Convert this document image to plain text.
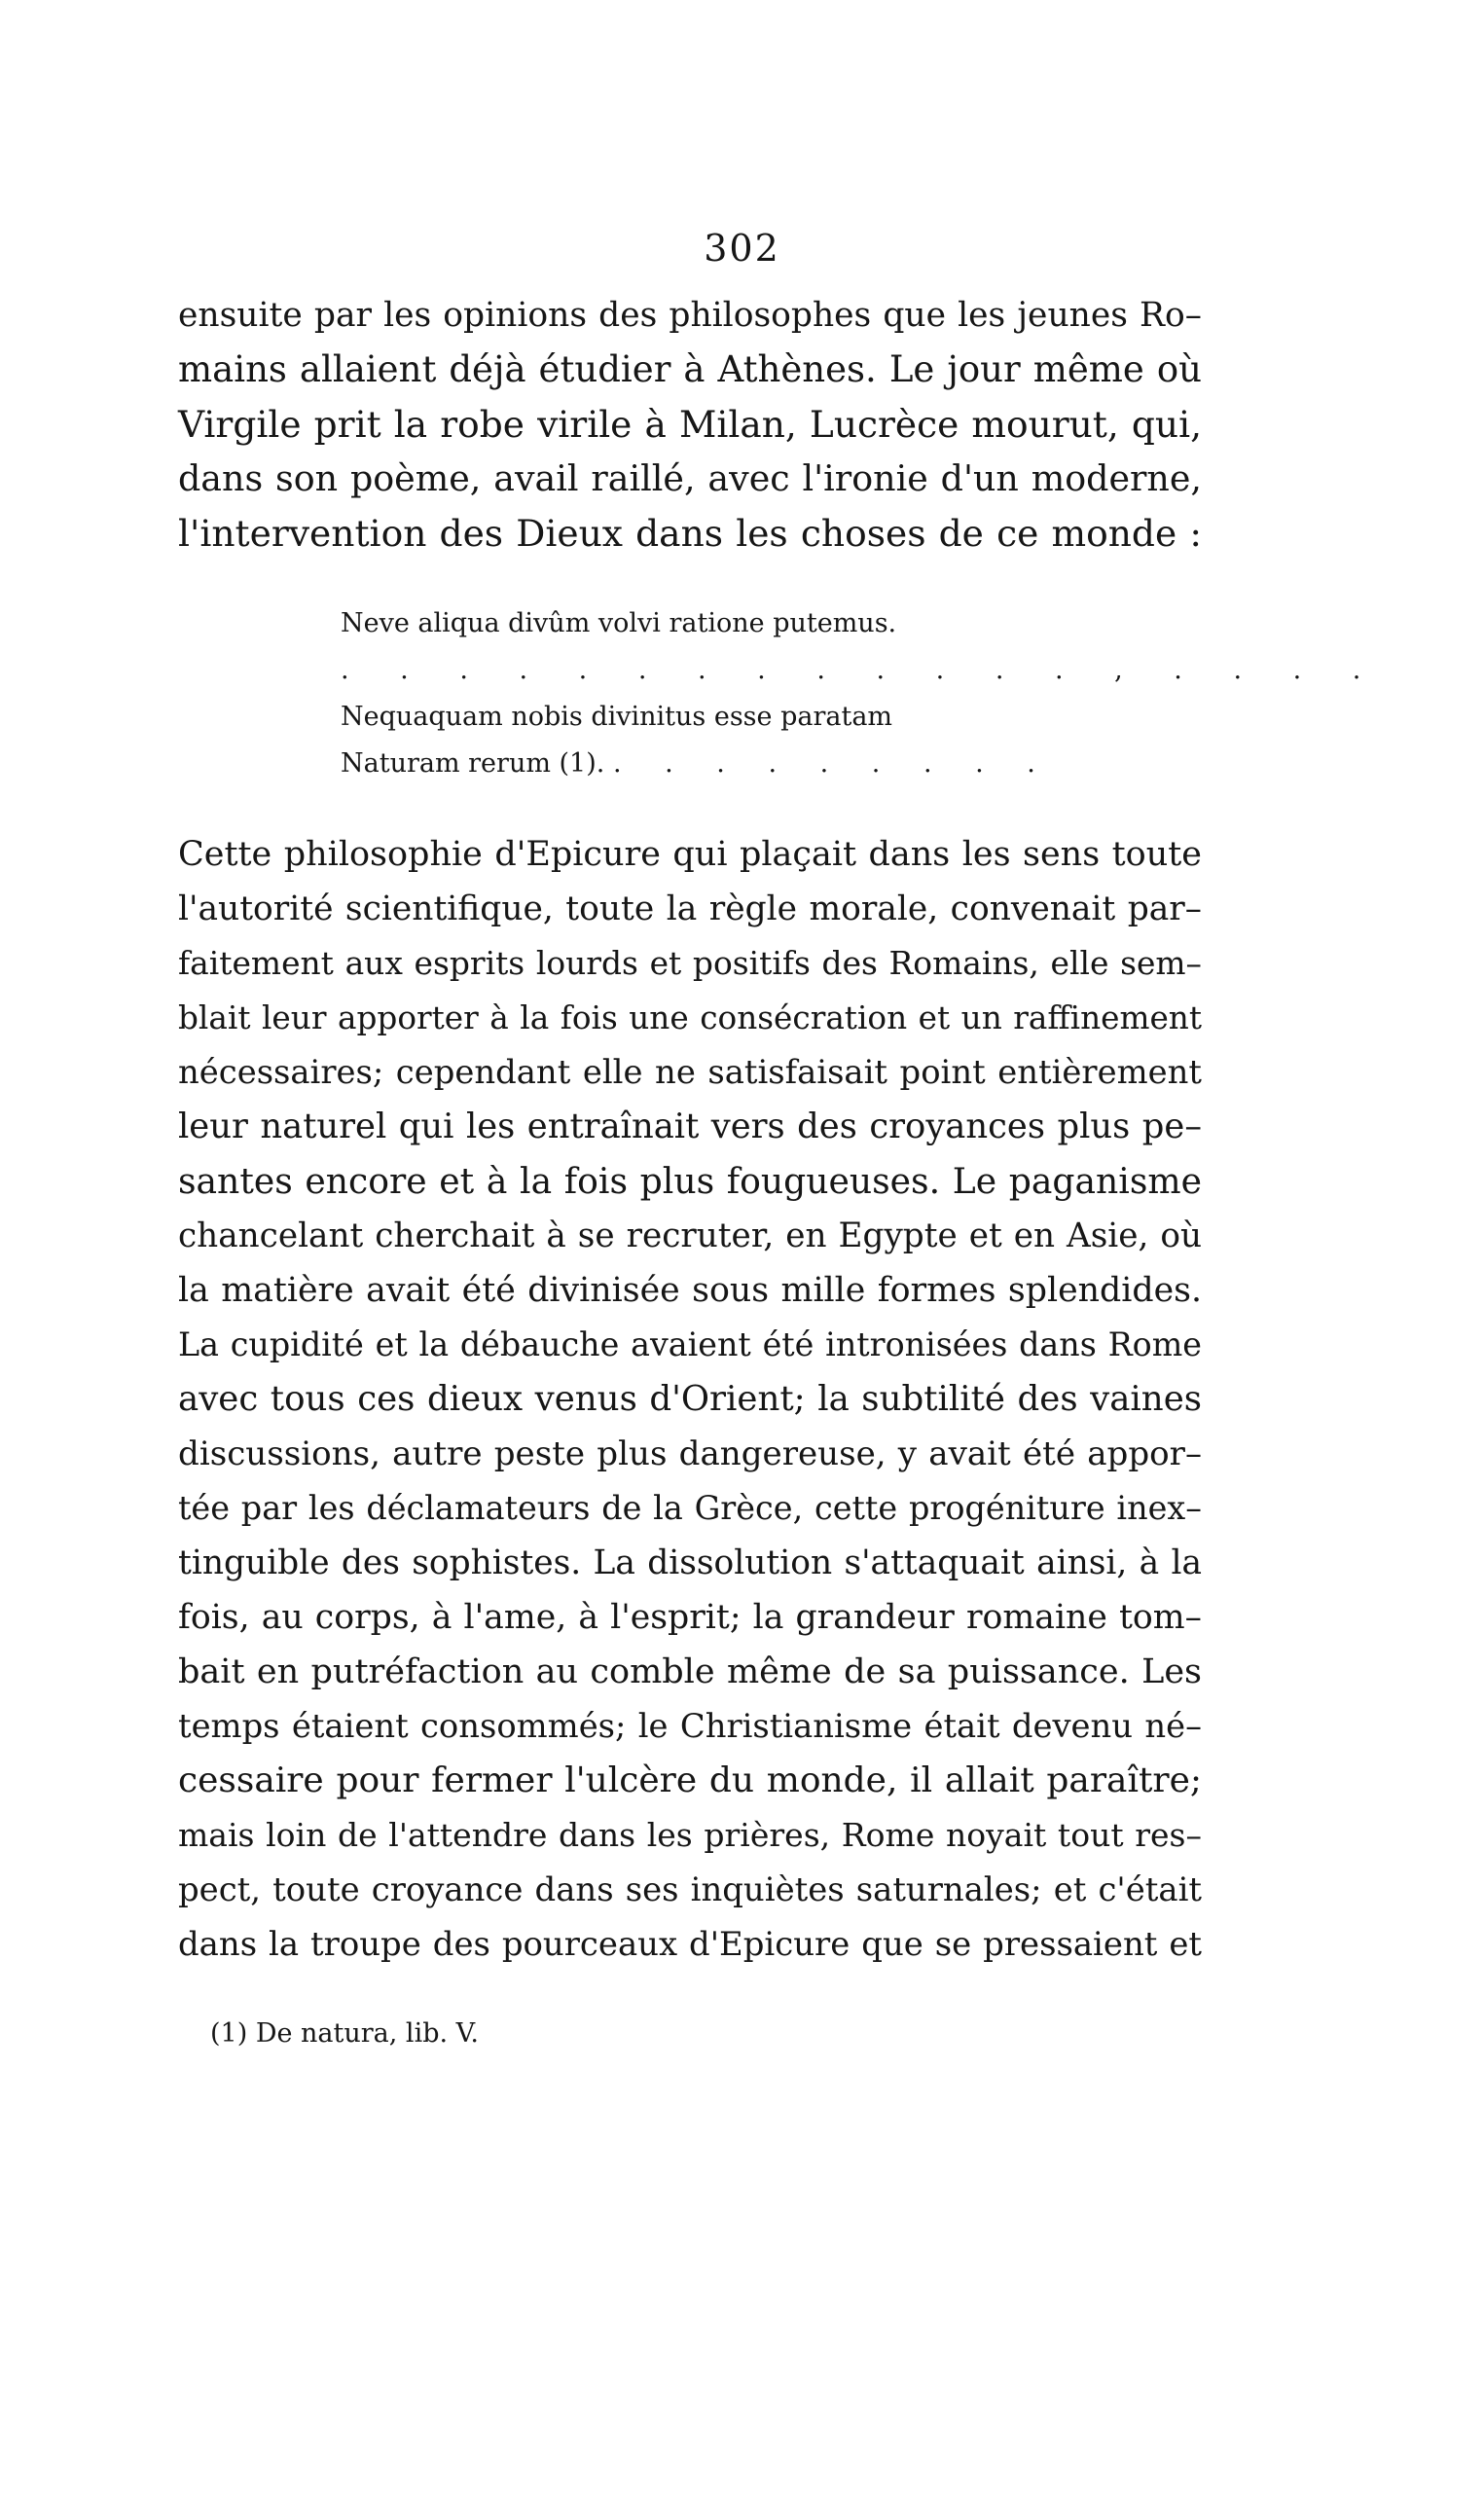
302
ensuite par les opinions des philosophes que les jeunes Ro–
mains allaient déjà étudier à Athènes. Le jour même où
Virgile prit la robe virile à Milan, Lucrèce mourut, qui,
dans son poème, avail raillé, avec l'ironie d'un moderne,
l'intervention des Dieux dans les choses de ce monde :
Neve aliqua divûm volvi ratione putemus.
. . . . . . . . . . . . . , . . . .
Nequaquam nobis divinitus esse paratam
Naturam rerum (1). . . . . . . . . .
Cette philosophie d'Epicure qui plaçait dans les sens toute
l'autorité scientifique, toute la règle morale, convenait par–
faitement aux esprits lourds et positifs des Romains, elle sem–
blait leur apporter à la fois une consécration et un raffinement
nécessaires; cependant elle ne satisfaisait point entièrement
leur naturel qui les entraînait vers des croyances plus pe–
santes encore et à la fois plus fougueuses. Le paganisme
chancelant cherchait à se recruter, en Egypte et en Asie, où
la matière avait été divinisée sous mille formes splendides.
La cupidité et la débauche avaient été intronisées dans Rome
avec tous ces dieux venus d'Orient; la subtilité des vaines
discussions, autre peste plus dangereuse, y avait été appor–
tée par les déclamateurs de la Grèce, cette progéniture inex–
tinguible des sophistes. La dissolution s'attaquait ainsi, à la
fois, au corps, à l'ame, à l'esprit; la grandeur romaine tom–
bait en putréfaction au comble même de sa puissance. Les
temps étaient consommés; le Christianisme était devenu né–
cessaire pour fermer l'ulcère du monde, il allait paraître;
mais loin de l'attendre dans les prières, Rome noyait tout res–
pect, toute croyance dans ses inquiètes saturnales; et c'était
dans la troupe des pourceaux d'Epicure que se pressaient et
(1) De natura, lib. V.
